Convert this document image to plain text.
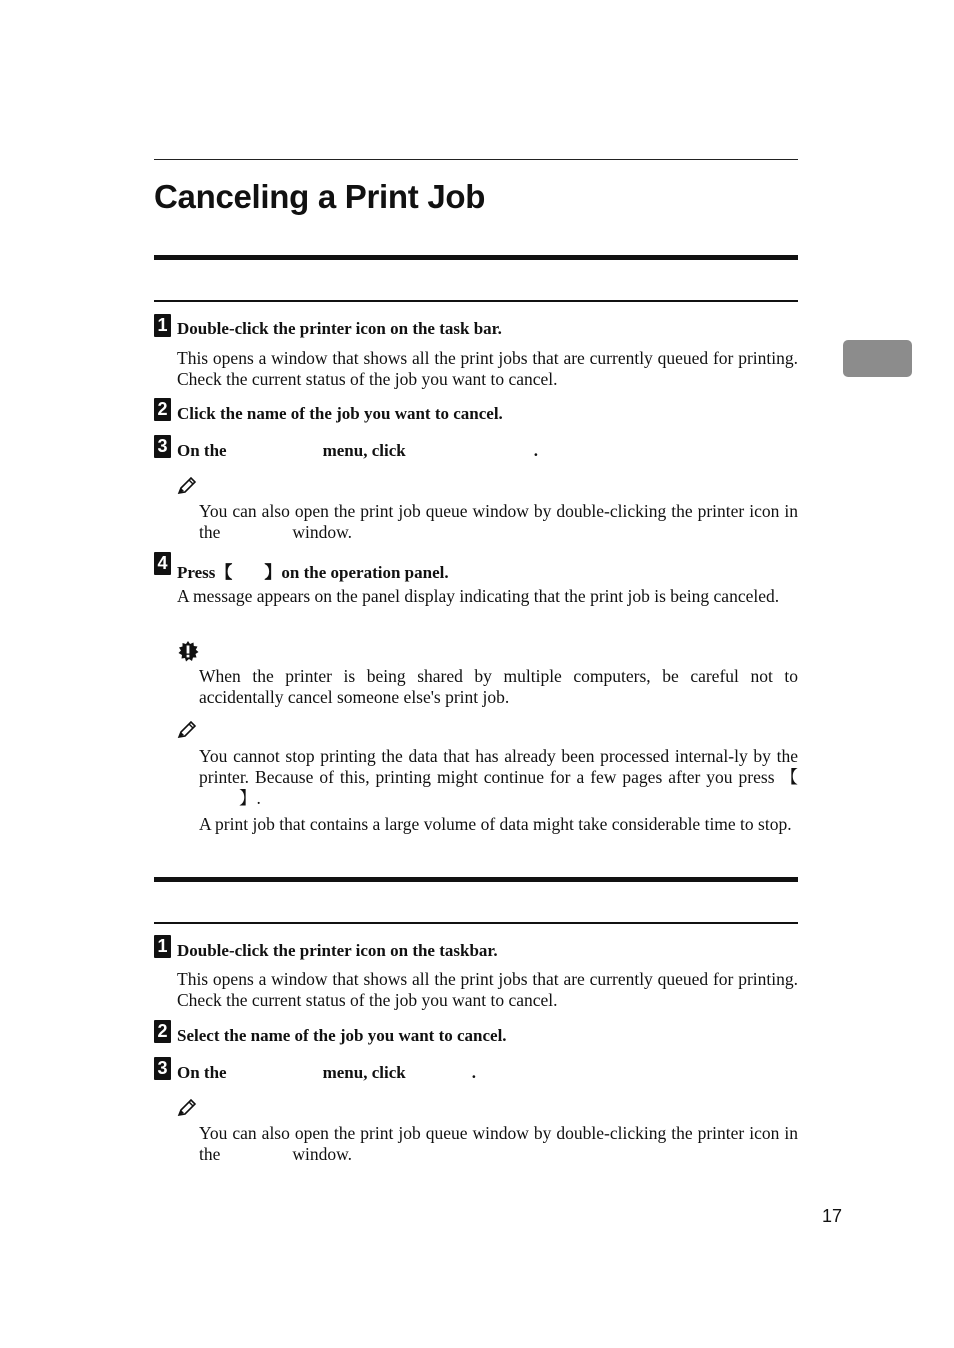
Canceling a Print Job
1 Double-click the printer icon on the task bar.
This opens a window that shows all the print jobs that are currently queued for printing. Check the current status of the job you want to cancel.
2 Click the name of the job you want to cancel.
3 On the	menu, click	.
You can also open the print job queue window by double-clicking the printer icon in the	window.
4 Press【 】on the operation panel.
A message appears on the panel display indicating that the print job is being canceled.
When the printer is being shared by multiple computers, be careful not to accidentally cancel someone else's print job.
You cannot stop printing the data that has already been processed internal-ly by the printer. Because of this, printing might continue for a few pages after you press 【】.
A print job that contains a large volume of data might take considerable time to stop.
1 Double-click the printer icon on the taskbar.
This opens a window that shows all the print jobs that are currently queued for printing. Check the current status of the job you want to cancel.
2 Select the name of the job you want to cancel.
3 On the	menu, click	.
You can also open the print job queue window by double-clicking the printer icon in the	window.
17
